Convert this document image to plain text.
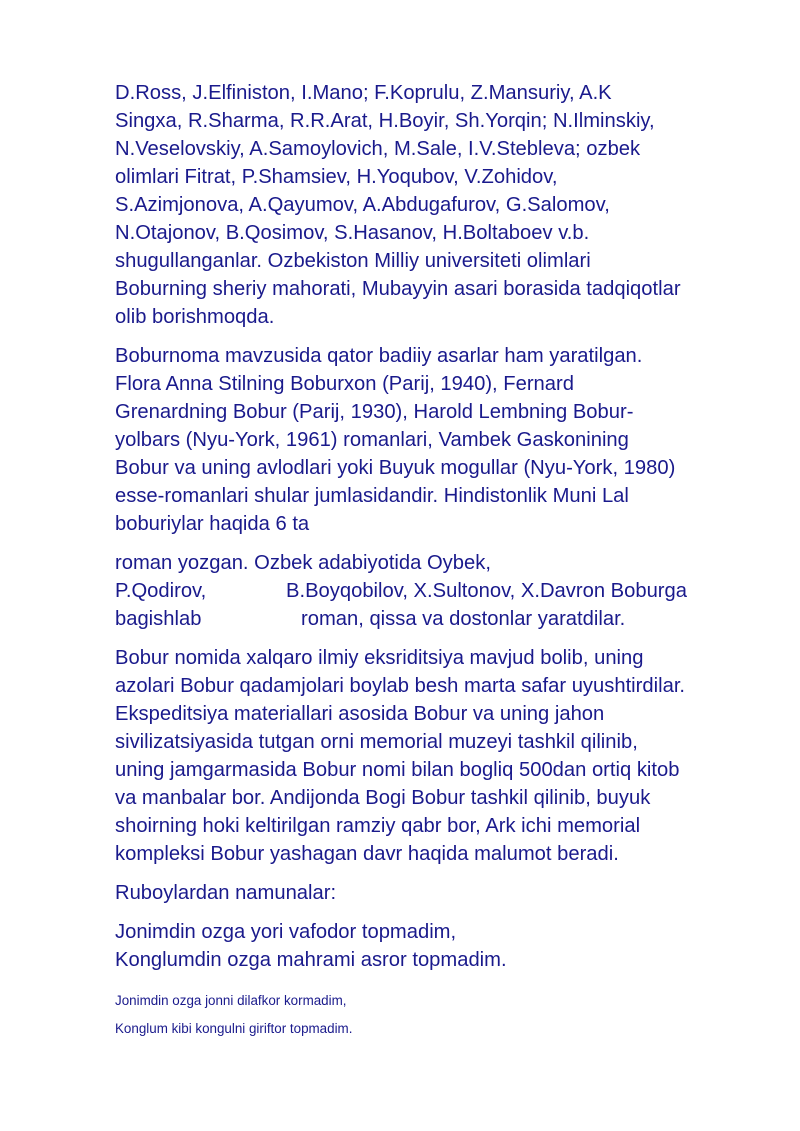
D.Ross, J.Elfiniston, I.Mano; F.Koprulu, Z.Mansuriy, A.K
Singxa, R.Sharma, R.R.Arat, H.Boyir, Sh.Yorqin; N.Ilminskiy,
N.Veselovskiy, A.Samoylovich, M.Sale, I.V.Stebleva; ozbek
olimlari Fitrat, P.Shamsiev, H.Yoqubov, V.Zohidov,
S.Azimjonova, A.Qayumov, A.Abdugafurov, G.Salomov,
N.Otajonov, B.Qosimov, S.Hasanov, H.Boltaboev v.b.
shugullanganlar. Ozbekiston Milliy universiteti olimlari
Boburning sheriy mahorati, Mubayyin asari borasida tadqiqotlar
olib borishmoqda.
Boburnoma mavzusida qator badiiy asarlar ham yaratilgan.
Flora Anna Stilning Boburxon (Parij, 1940), Fernard
Grenardning Bobur (Parij, 1930), Harold Lembning Bobur-
yolbars (Nyu-York, 1961) romanlari, Vambek Gaskonining
Bobur va uning avlodlari yoki Buyuk mogullar (Nyu-York, 1980)
esse-romanlari shular jumlasidandir. Hindistonlik Muni Lal
boburiylar haqida 6 ta
roman yozgan. Ozbek adabiyotida Oybek,
P.Qodirov,	B.Boyqobilov, X.Sultonov, X.Davron Boburga
bagishlab	roman, qissa va dostonlar yaratdilar.
Bobur nomida xalqaro ilmiy eksriditsiya mavjud bolib, uning
azolari Bobur qadamjolari boylab besh marta safar uyushtirdilar.
Ekspeditsiya materiallari asosida Bobur va uning jahon
sivilizatsiyasida tutgan orni memorial muzeyi tashkil qilinib,
uning jamgarmasida Bobur nomi bilan bogliq 500dan ortiq kitob
va manbalar bor. Andijonda Bogi Bobur tashkil qilinib, buyuk
shoirning hoki keltirilgan ramziy qabr bor, Ark ichi memorial
kompleksi Bobur yashagan davr haqida malumot beradi.
Ruboylardan namunalar:
Jonimdin ozga yori vafodor topmadim,
Konglumdin ozga mahrami asror topmadim.
Jonimdin ozga jonni dilafkor kormadim,
Konglum kibi kongulni giriftor topmadim.
